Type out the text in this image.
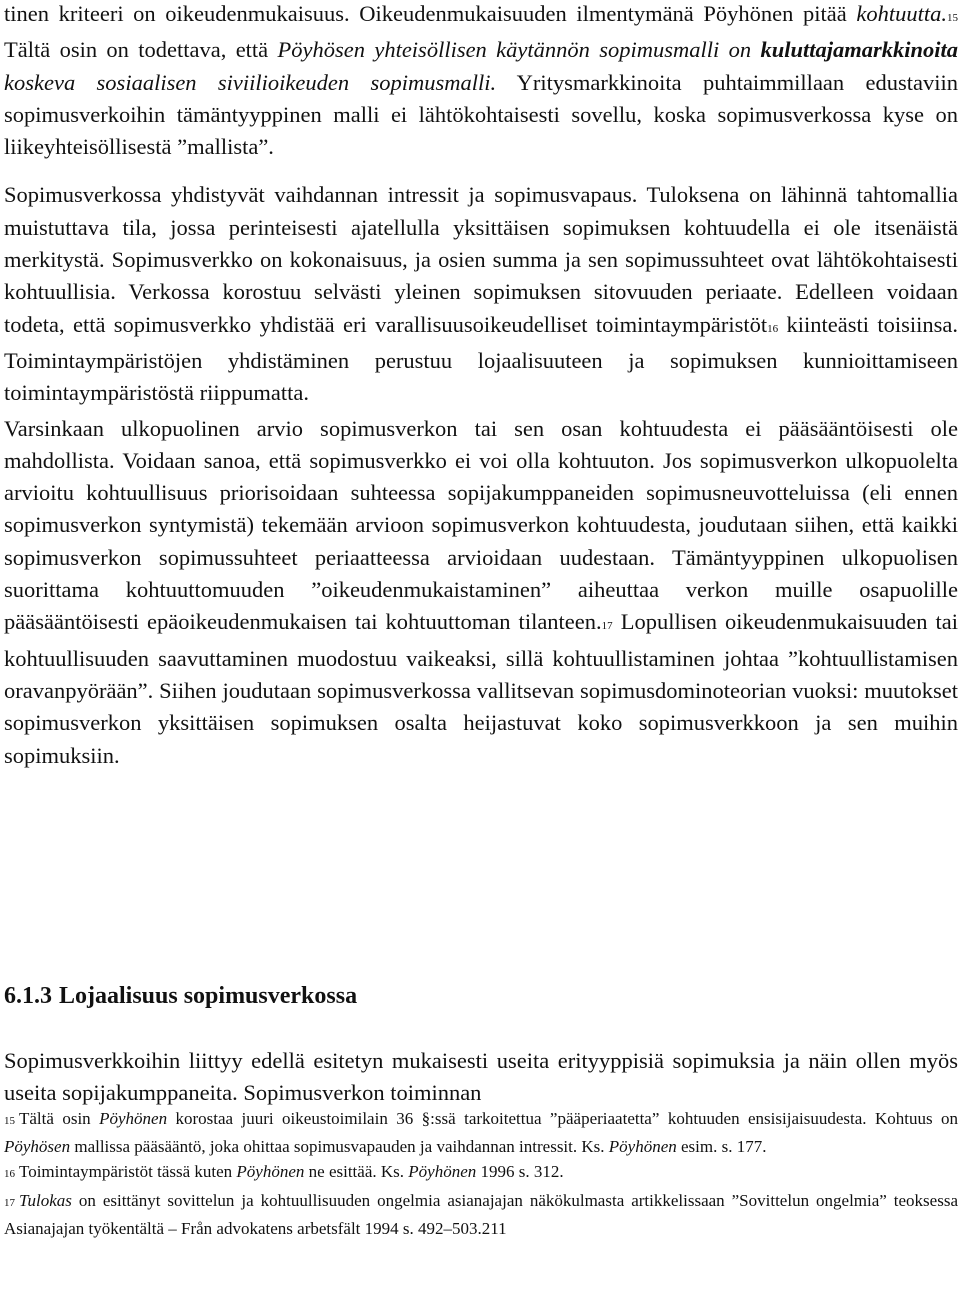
tinen kriteeri on oikeudenmukaisuus. Oikeudenmukaisuuden ilmentymänä Pöyhönen pitää kohtuutta.15 Tältä osin on todettava, että Pöyhösen yhteisöllisen käytännön sopimusmalli on kuluttajamarkkinoita koskeva sosiaalisen siviilioikeuden sopimusmalli. Yritysmarkkinoita puhtaimmillaan edustaviin sopimusverkoihin tämäntyyppinen malli ei lähtökohtaisesti sovellu, koska sopimusverkossa kyse on liikeyhteisöllisestä ”mallista”.

Sopimusverkossa yhdistyvät vaihdannan intressit ja sopimusvapaus. Tuloksena on lähinnä tahtomallia muistuttava tila, jossa perinteisesti ajatellulla yksittäisen sopimuksen kohtuudella ei ole itsenäistä merkitystä. Sopimusverkko on kokonaisuus, ja osien summa ja sen sopimussuhteet ovat lähtökohtaisesti kohtuullisia. Verkossa korostuu selvästi yleinen sopimuksen sitovuuden periaate. Edelleen voidaan todeta, että sopimusverkko yhdistää eri varallisuusoikeudelliset toimintaympäristöt16 kiinteästi toisiinsa. Toimintaympäristöjen yhdistäminen perustuu lojaalisuuteen ja sopimuksen kunnioittamiseen toimintaympäristöstä riippumatta.

Varsinkaan ulkopuolinen arvio sopimusverkon tai sen osan kohtuudesta ei pääsääntöisesti ole mahdollista. Voidaan sanoa, että sopimusverkko ei voi olla kohtuuton. Jos sopimusverkon ulkopuolelta arvioitu kohtuullisuus priorisoidaan suhteessa sopijakumppaneiden sopimusneuvotteluissa (eli ennen sopimusverkon syntymistä) tekemään arvioon sopimusverkon kohtuudesta, joudutaan siihen, että kaikki sopimusverkon sopimussuhteet periaatteessa arvioidaan uudestaan. Tämäntyyppinen ulkopuolisen suorittama kohtuuttomuuden ”oikeudenmukaistaminen” aiheuttaa verkon muille osapuolille pääsääntöisesti epäoikeudenmukaisen tai kohtuuttoman tilanteen.17 Lopullisen oikeudenmukaisuuden tai kohtuullisuuden saavuttaminen muodostuu vaikeaksi, sillä kohtuullistaminen johtaa ”kohtuullistamisen oravanpyörään”. Siihen joudutaan sopimusverkossa vallitsevan sopimusdominoteorian vuoksi: muutokset sopimusverkon yksittäisen sopimuksen osalta heijastuvat koko sopimusverkkoon ja sen muihin sopimuksiin.

6.1.3 Lojaalisuus sopimusverkossa

Sopimusverkkoihin liittyy edellä esitetyn mukaisesti useita erityyppisiä sopimuksia ja näin ollen myös useita sopijakumppaneita. Sopimusverkon toiminnan

15 Tältä osin Pöyhönen korostaa juuri oikeustoimilain 36 §:ssä tarkoitettua ”pääperiaatetta” kohtuuden ensisijaisuudesta. Kohtuus on Pöyhösen mallissa pääsääntö, joka ohittaa sopimusvapauden ja vaihdannan intressit. Ks. Pöyhönen esim. s. 177.

16 Toimintaympäristöt tässä kuten Pöyhönen ne esittää. Ks. Pöyhönen 1996 s. 312.

17 Tulokas on esittänyt sovittelun ja kohtuullisuuden ongelmia asianajajan näkökulmasta artikkelissaan ”Sovittelun ongelmia” teoksessa Asianajajan työkentältä – Från advokatens arbetsfält 1994 s. 492–503.211
